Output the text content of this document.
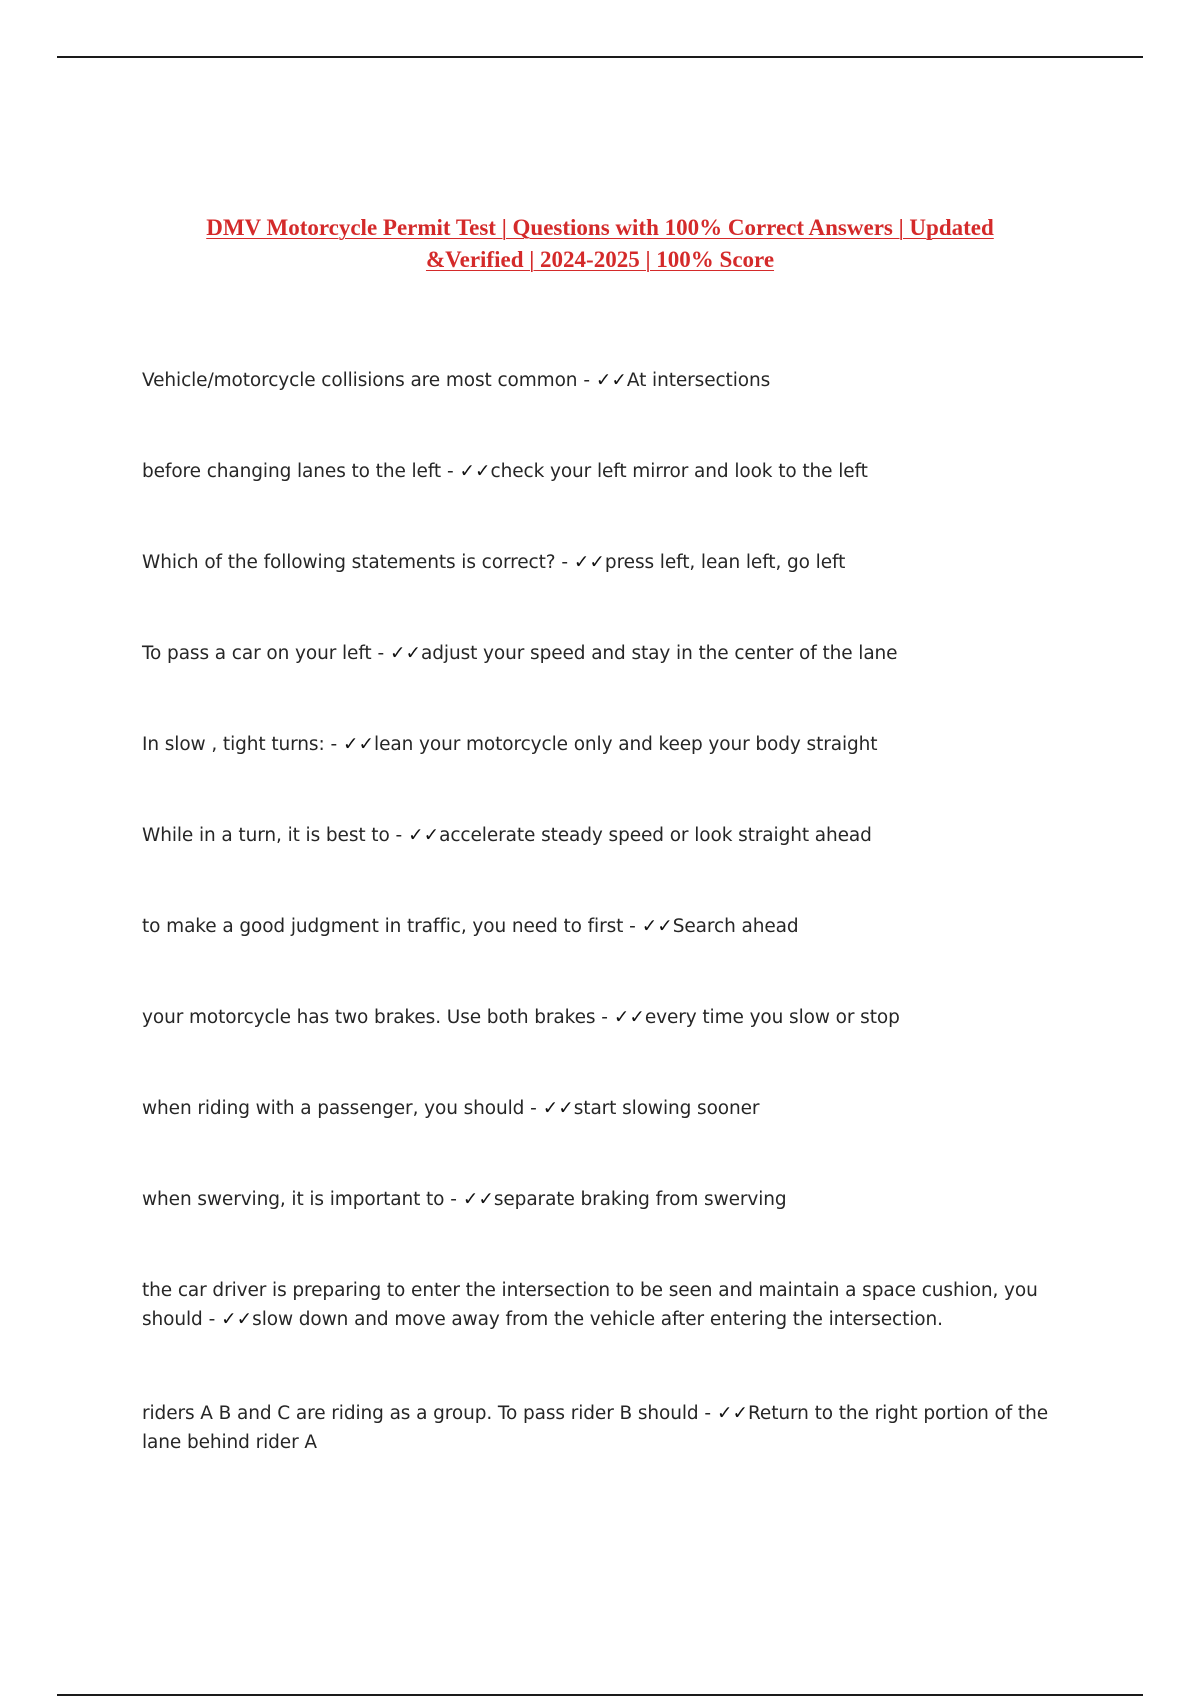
DMV Motorcycle Permit Test | Questions with 100% Correct Answers | Updated
&Verified | 2024-2025 | 100% Score
Vehicle/motorcycle collisions are most common - ✓✓At intersections
before changing lanes to the left - ✓✓check your left mirror and look to the left
Which of the following statements is correct? - ✓✓press left, lean left, go left
To pass a car on your left - ✓✓adjust your speed and stay in the center of the lane
In slow , tight turns: - ✓✓lean your motorcycle only and keep your body straight
While in a turn, it is best to - ✓✓accelerate steady speed or look straight ahead
to make a good judgment in traffic, you need to first - ✓✓Search ahead
your motorcycle has two brakes. Use both brakes - ✓✓every time you slow or stop
when riding with a passenger, you should - ✓✓start slowing sooner
when swerving, it is important to - ✓✓separate braking from swerving
the car driver is preparing to enter the intersection to be seen and maintain a space cushion, you should - ✓✓slow down and move away from the vehicle after entering the intersection.
riders A B and C are riding as a group. To pass rider B should - ✓✓Return to the right portion of the lane behind rider A
